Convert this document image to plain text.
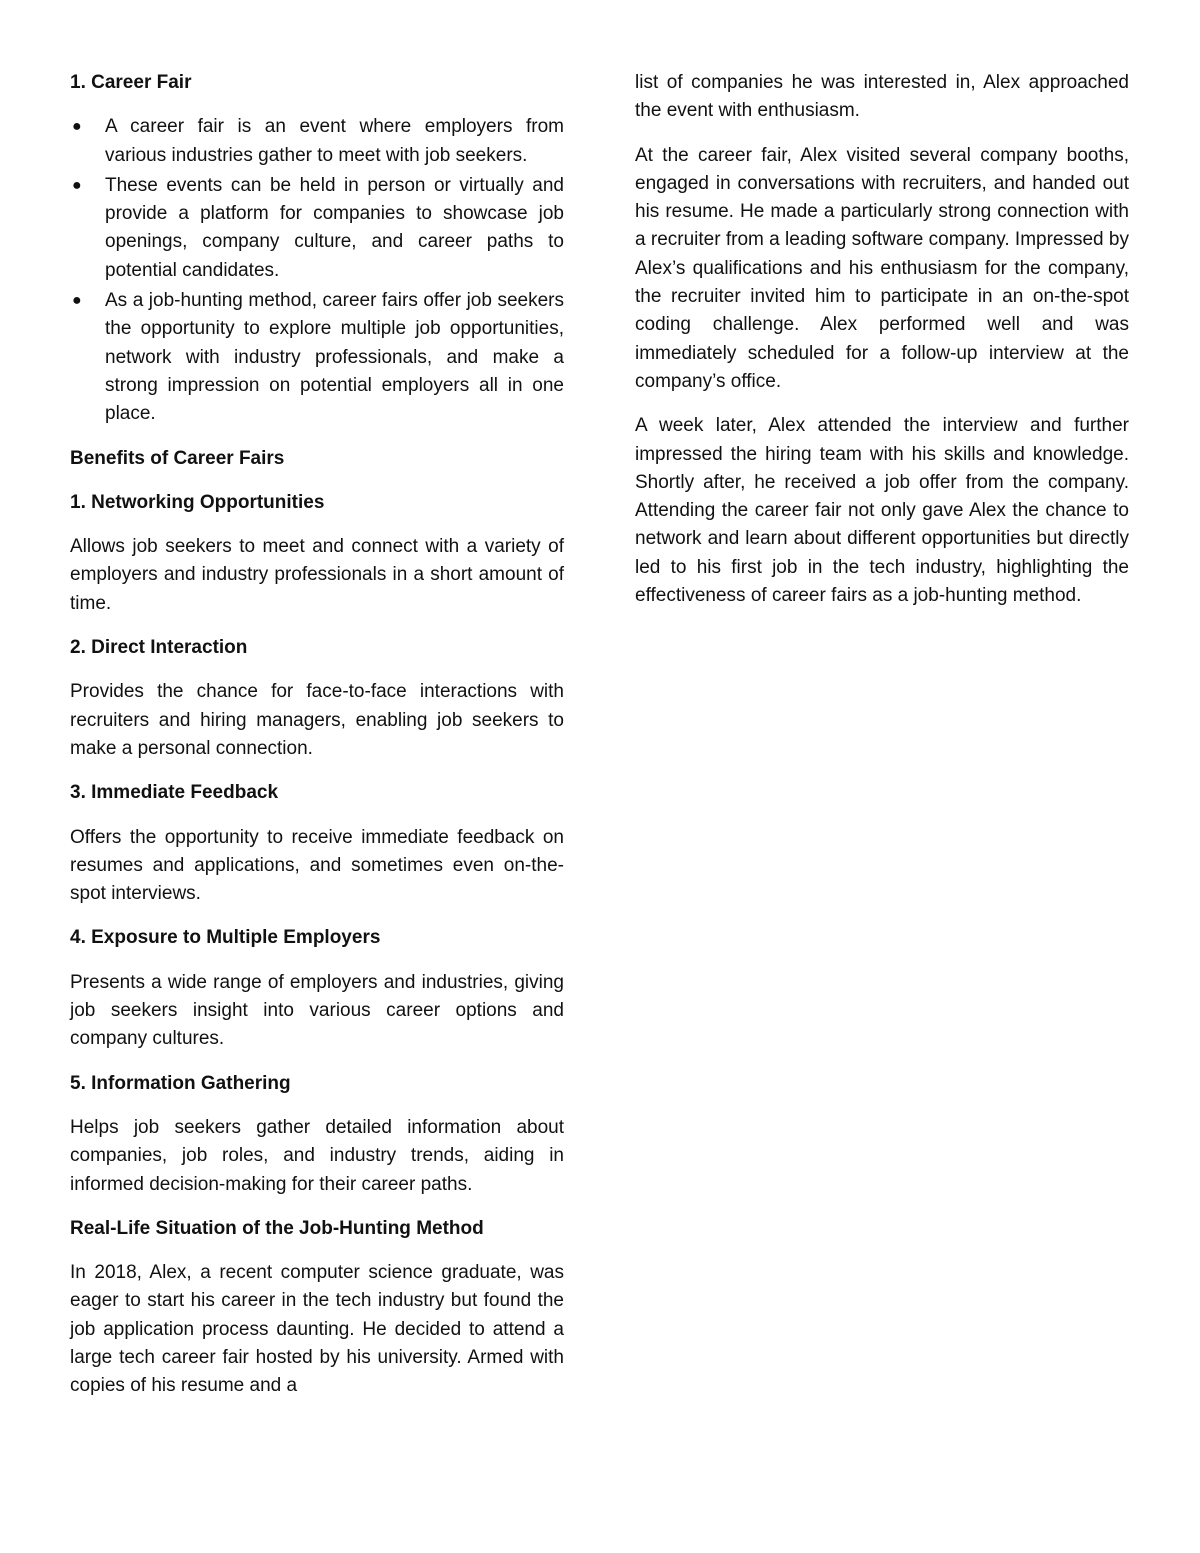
1. Career Fair
● A career fair is an event where employers from various industries gather to meet with job seekers.
● These events can be held in person or virtually and provide a platform for companies to showcase job openings, company culture, and career paths to potential candidates.
● As a job-hunting method, career fairs offer job seekers the opportunity to explore multiple job opportunities, network with industry professionals, and make a strong impression on potential employers all in one place.
Benefits of Career Fairs
1. Networking Opportunities

Allows job seekers to meet and connect with a variety of employers and industry professionals in a short amount of time.

2. Direct Interaction

Provides the chance for face-to-face interactions with recruiters and hiring managers, enabling job seekers to make a personal connection.

3. Immediate Feedback

Offers the opportunity to receive immediate feedback on resumes and applications, and sometimes even on-the-spot interviews.

4. Exposure to Multiple Employers

Presents a wide range of employers and industries, giving job seekers insight into various career options and company cultures.

5. Information Gathering

Helps job seekers gather detailed information about companies, job roles, and industry trends, aiding in informed decision-making for their career paths.

Real-Life Situation of the Job-Hunting Method

In 2018, Alex, a recent computer science graduate, was eager to start his career in the tech industry but found the job application process daunting. He decided to attend a large tech career fair hosted by his university. Armed with copies of his resume and a

list of companies he was interested in, Alex approached the event with enthusiasm.

At the career fair, Alex visited several company booths, engaged in conversations with recruiters, and handed out his resume. He made a particularly strong connection with a recruiter from a leading software company. Impressed by Alex’s qualifications and his enthusiasm for the company, the recruiter invited him to participate in an on-the-spot coding challenge. Alex performed well and was immediately scheduled for a follow-up interview at the company’s office.

A week later, Alex attended the interview and further impressed the hiring team with his skills and knowledge. Shortly after, he received a job offer from the company. Attending the career fair not only gave Alex the chance to network and learn about different opportunities but directly led to his first job in the tech industry, highlighting the effectiveness of career fairs as a job-hunting method.
